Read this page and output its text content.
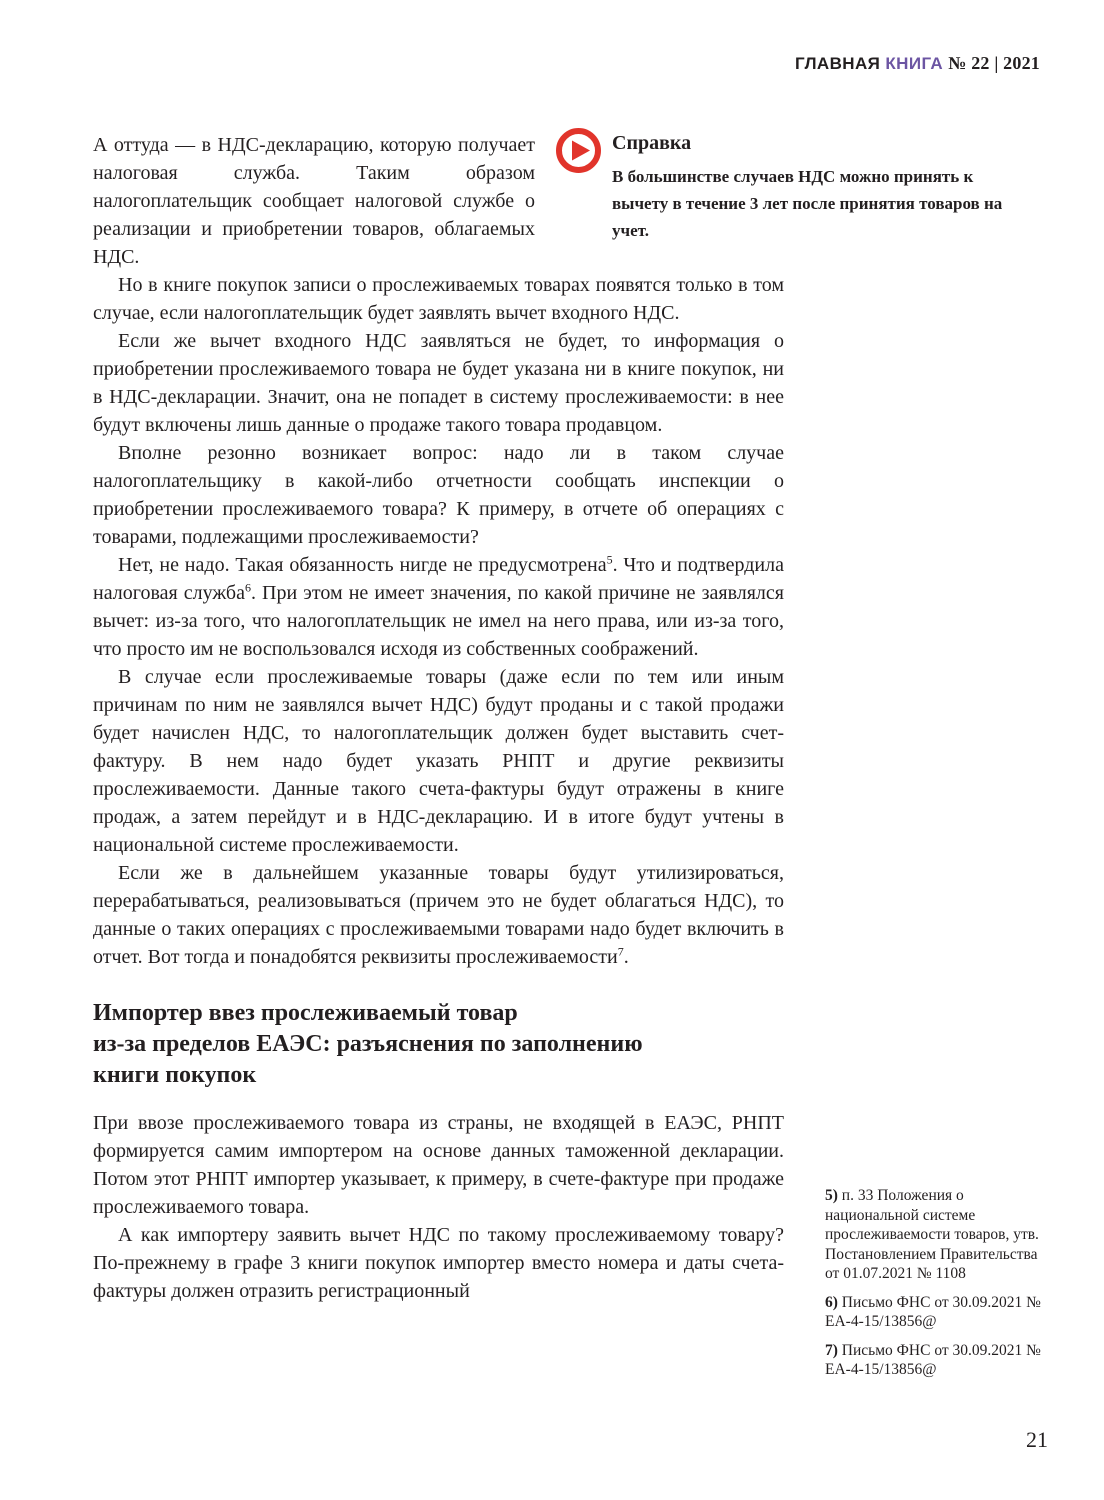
ГЛАВНАЯ КНИГА № 22 | 2021
Справка

В большинстве случаев НДС можно принять к вычету в течение 3 лет после принятия товаров на учет.

А оттуда — в НДС-декларацию, которую получает налоговая служба. Таким образом налогоплательщик сообщает налоговой службе о реализации и приобретении товаров, облагаемых НДС.

Но в книге покупок записи о прослеживаемых товарах появятся только в том случае, если налогоплательщик будет заявлять вычет входного НДС.

Если же вычет входного НДС заявляться не будет, то информация о приобретении прослеживаемого товара не будет указана ни в книге покупок, ни в НДС-декларации. Значит, она не попадет в систему прослеживаемости: в нее будут включены лишь данные о продаже такого товара продавцом.

Вполне резонно возникает вопрос: надо ли в таком случае налогоплательщику в какой-либо отчетности сообщать инспекции о приобретении прослеживаемого товара? К примеру, в отчете об операциях с товарами, подлежащими прослеживаемости?

Нет, не надо. Такая обязанность нигде не предусмотрена$^5$. Что и подтвердила налоговая служба$^6$. При этом не имеет значения, по какой причине не заявлялся вычет: из-за того, что налогоплательщик не имел на него права, или из-за того, что просто им не воспользовался исходя из собственных соображений.

В случае если прослеживаемые товары (даже если по тем или иным причинам по ним не заявлялся вычет НДС) будут проданы и с такой продажи будет начислен НДС, то налогоплательщик должен будет выставить счет-фактуру. В нем надо будет указать РНПТ и другие реквизиты прослеживаемости. Данные такого счета-фактуры будут отражены в книге продаж, а затем перейдут и в НДС-декларацию. И в итоге будут учтены в национальной системе прослеживаемости.

Если же в дальнейшем указанные товары будут утилизироваться, перерабатываться, реализовываться (причем это не будет облагаться НДС), то данные о таких операциях с прослеживаемыми товарами надо будет включить в отчет. Вот тогда и понадобятся реквизиты прослеживаемости$^7$.

Импортер ввез прослеживаемый товар
из-за пределов ЕАЭС: разъяснения по заполнению
книги покупок

При ввозе прослеживаемого товара из страны, не входящей в ЕАЭС, РНПТ формируется самим импортером на основе данных таможенной декларации. Потом этот РНПТ импортер указывает, к примеру, в счете-фактуре при продаже прослеживаемого товара.

А как импортеру заявить вычет НДС по такому прослеживаемому товару? По-прежнему в графе 3 книги покупок импортер вместо номера и даты счета-фактуры должен отразить регистрационный

5) п. 33 Положения о национальной системе прослеживаемости товаров, утв. Постановлением Правительства от 01.07.2021 № 1108
6) Письмо ФНС от 30.09.2021 № ЕА-4-15/13856@
7) Письмо ФНС от 30.09.2021 № ЕА-4-15/13856@
21
